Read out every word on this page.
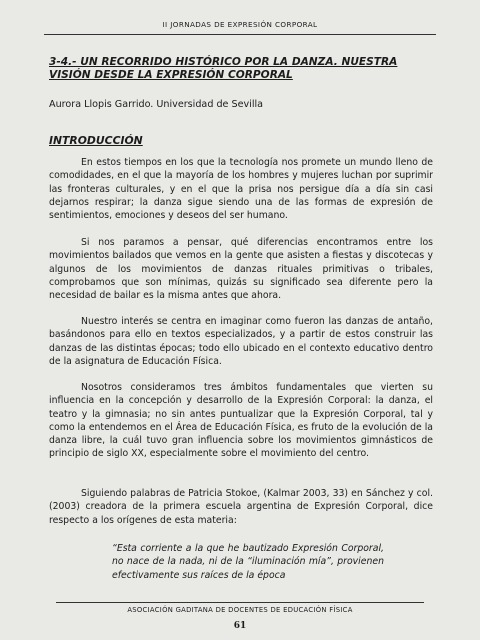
II JORNADAS DE EXPRESIÓN CORPORAL
3-4.- UN RECORRIDO HISTÓRICO POR LA DANZA. NUESTRA VISIÓN DESDE LA EXPRESIÓN CORPORAL
Aurora Llopis Garrido. Universidad de Sevilla
INTRODUCCIÓN

En estos tiempos en los que la tecnología nos promete un mundo lleno de comodidades, en el que la mayoría de los hombres y mujeres luchan por suprimir las fronteras culturales, y en el que la prisa nos persigue día a día sin casi dejarnos respirar; la danza sigue siendo una de las formas de expresión de sentimientos, emociones y deseos del ser humano.

Si nos paramos a pensar, qué diferencias encontramos entre los movimientos bailados que vemos en la gente que asisten a fiestas y discotecas y algunos de los movimientos de danzas rituales primitivas o tribales, comprobamos que son mínimas, quizás su significado sea diferente pero la necesidad de bailar es la misma antes que ahora.

Nuestro interés se centra en imaginar como fueron las danzas de antaño, basándonos para ello en textos especializados, y a partir de estos construir las danzas de las distintas épocas; todo ello ubicado en el contexto educativo dentro de la asignatura de Educación Física.

Nosotros consideramos tres ámbitos fundamentales que vierten su influencia en la concepción y desarrollo de la Expresión Corporal: la danza, el teatro y la gimnasia; no sin antes puntualizar que la Expresión Corporal, tal y como la entendemos en el Área de Educación Física, es fruto de la evolución de la danza libre, la cuál tuvo gran influencia sobre los movimientos gimnásticos de principio de siglo XX, especialmente sobre el movimiento del centro.

Siguiendo palabras de Patricia Stokoe, (Kalmar 2003, 33) en Sánchez y col. (2003) creadora de la primera escuela argentina de Expresión Corporal, dice respecto a los orígenes de esta materia:

“Esta corriente a la que he bautizado Expresión Corporal, no nace de la nada, ni de la “iluminación mía”, provienen efectivamente sus raíces de la época

ASOCIACIÓN GADITANA DE DOCENTES DE EDUCACIÓN FÍSICA
61
